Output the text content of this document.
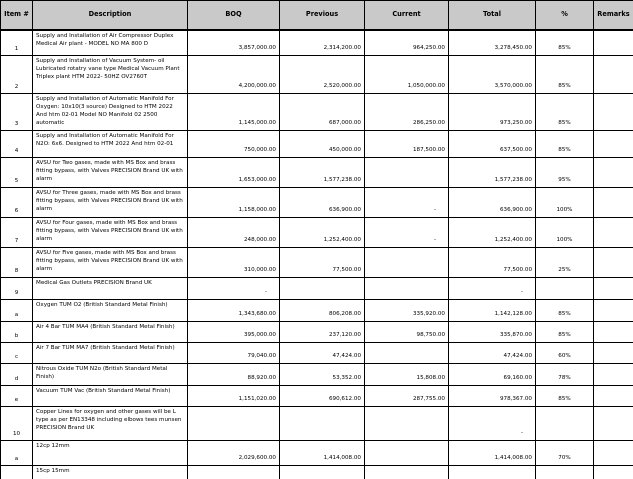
Item #	Description	BOQ	Previous	Current	Total	%	Remarks
1	Supply and Installation of Air Compressor Duplex Medical Air plant - MODEL NO MA 800 D	3,857,000.00	2,314,200.00	964,250.00	3,278,450.00	85%	
2	Supply and Installation of Vacuum System- oil Lubricated rotatry vane type Medical Vacuum Plant Triplex plant HTM 2022- 50HZ OV2760T	4,200,000.00	2,520,000.00	1,050,000.00	3,570,000.00	85%	
3	Supply and Installation of Automatic Manifold For Oxygen: 10x10(3 source) Designed to HTM 2022 And htm 02-01 Model NO Manifold 02 2500 automatic	1,145,000.00	687,000.00	286,250.00	973,250.00	85%	
4	Supply and Installation of Automatic Manifold For N2O: 6x6. Designed to HTM 2022 And htm 02-01	750,000.00	450,000.00	187,500.00	637,500.00	85%	
5	AVSU for Two gases, made with MS Box and brass fitting bypass, with Valves PRECISION Brand UK with alarm	1,653,000.00	1,577,238.00		1,577,238.00	95%	
6	AVSU for Three gases, made with MS Box and brass fitting bypass, with Valves PRECISION Brand UK with alarm	1,158,000.00	636,900.00	-	636,900.00	100%	
7	AVSU for Four gases, made with MS Box and brass fitting bypass, with Valves PRECISION Brand UK with alarm	248,000.00	1,252,400.00	-	1,252,400.00	100%	
8	AVSU for Five gases, made with MS Box and brass fitting bypass, with Valves PRECISION Brand UK with alarm	310,000.00	77,500.00		77,500.00	25%	
9	Medical Gas Outlets PRECISION Brand UK	-			-		
a	Oxygen TUM O2 (British Standard Metal Finish)	1,343,680.00	806,208.00	335,920.00	1,142,128.00	85%	
b	Air 4 Bar TUM MA4 (British Standard Metal Finish)	395,000.00	237,120.00	98,750.00	335,870.00	85%	
c	Air 7 Bar TUM MA7 (British Standard Metal Finish)	79,040.00	47,424.00		47,424.00	60%	
d	Nitrous Oxide TUM N2o (British Standard Metal Finish)	88,920.00	53,352.00	15,808.00	69,160.00	78%	
e	Vacuum TUM Vac (British Standard Metal Finish)	1,151,020.00	690,612.00	287,755.00	978,367.00	85%	
10	Copper Lines for oxygen and other gases will be L type as per EN13348 including elbows tees munsen PRECISION Brand UK				-		
a	12cp 12mm	2,029,600.00	1,414,008.00		1,414,008.00	70%	
	15cp 15mm						
